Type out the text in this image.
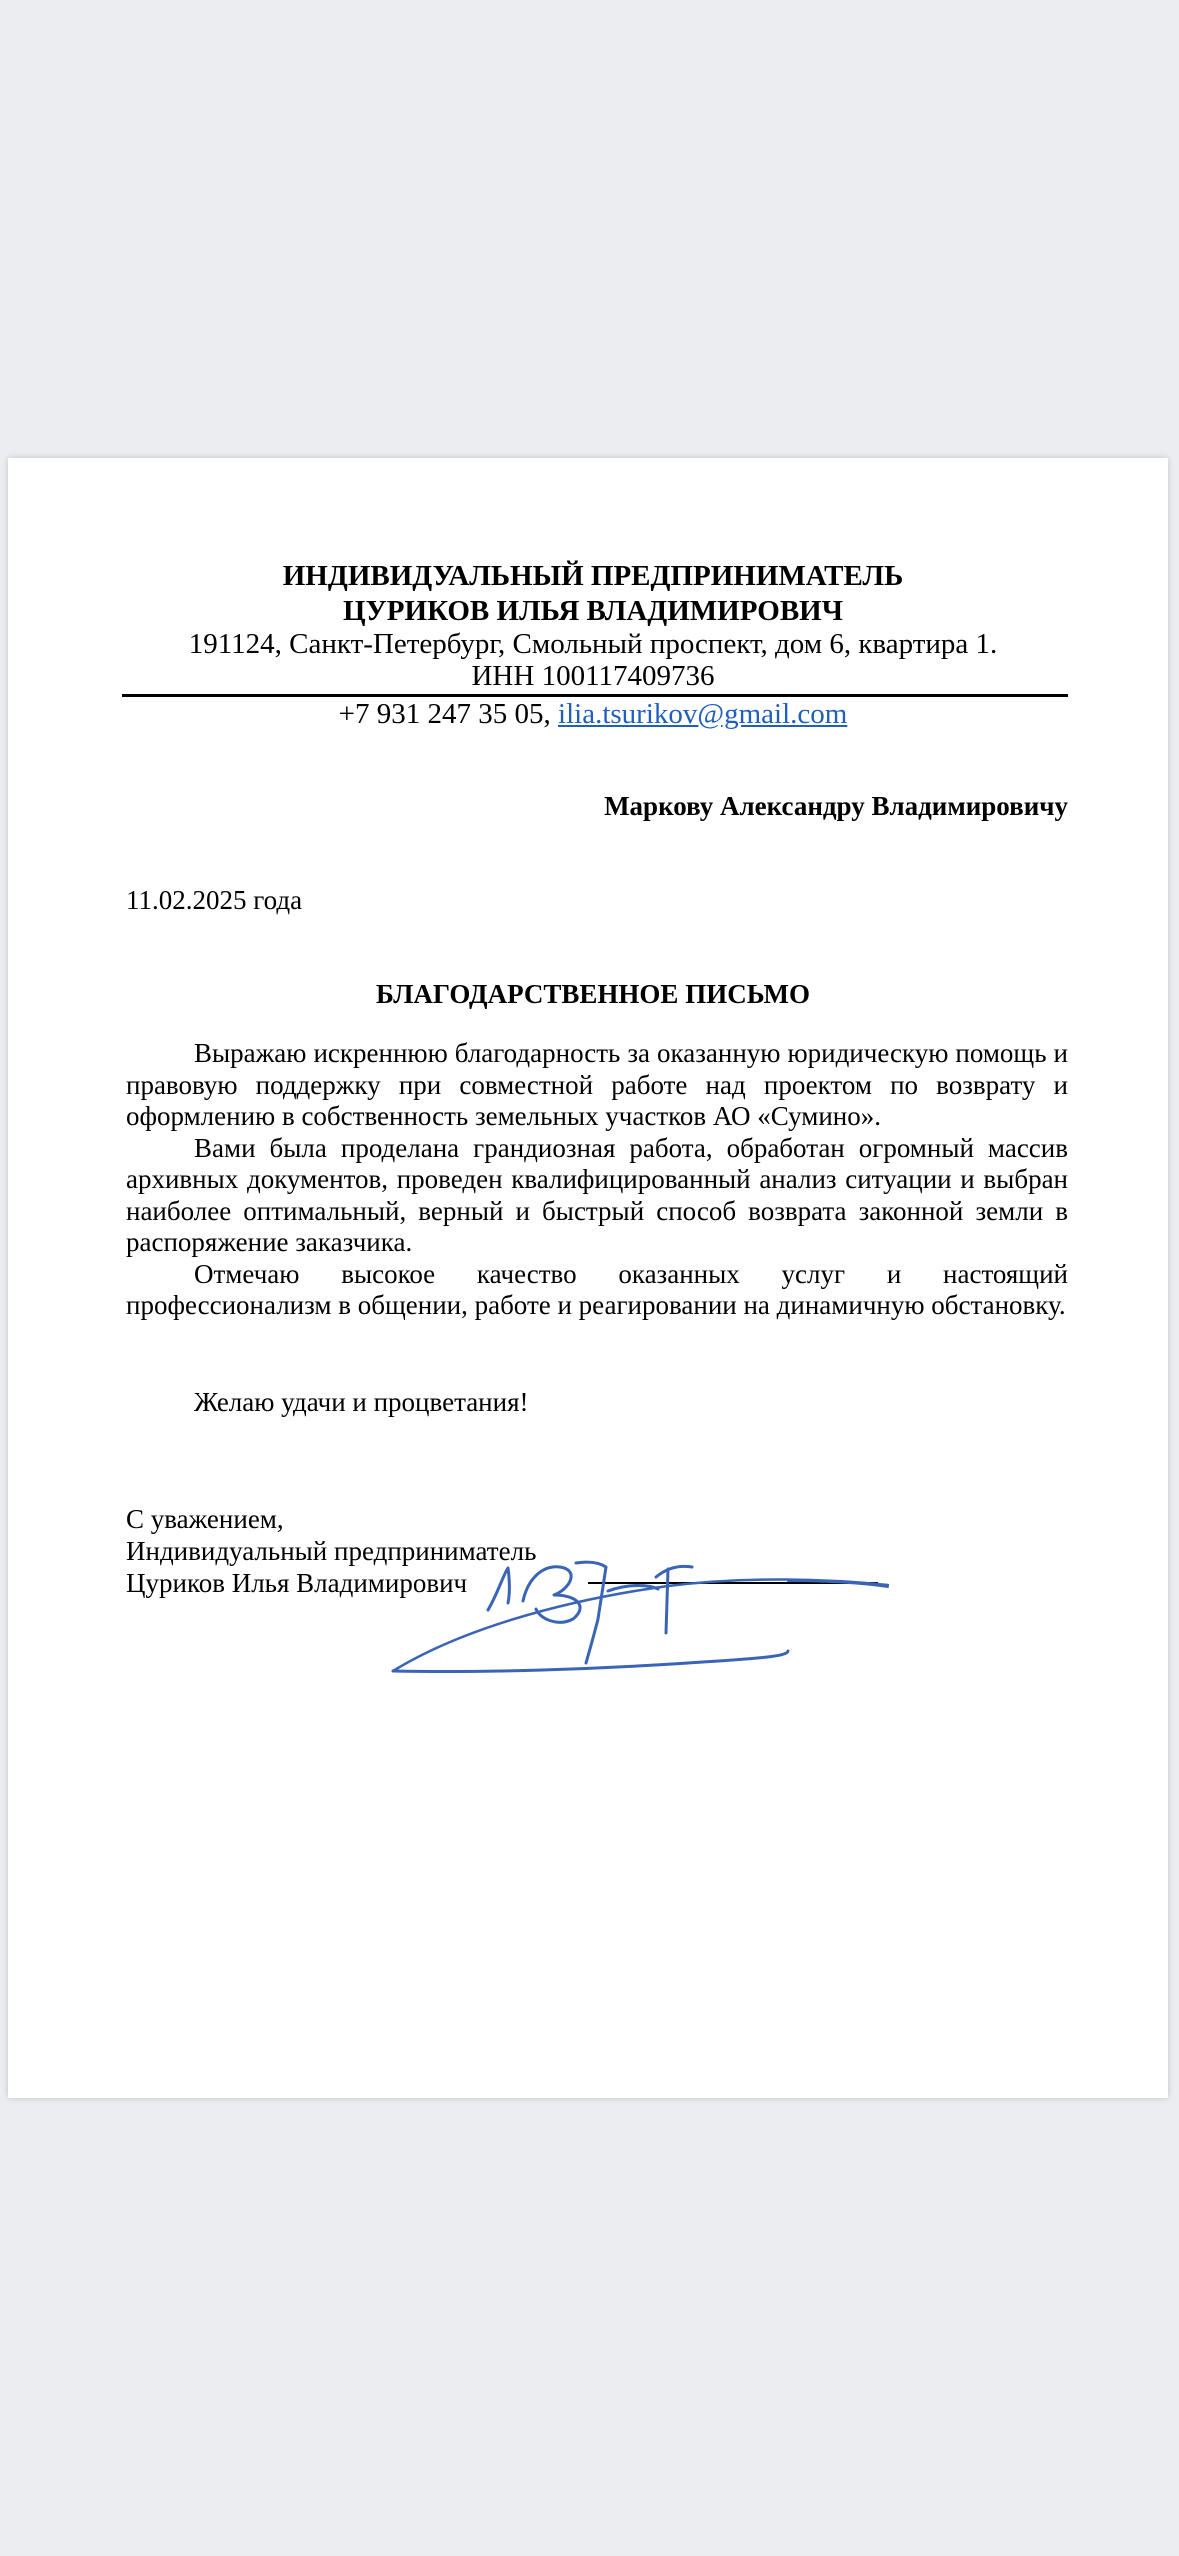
ИНДИВИДУАЛЬНЫЙ ПРЕДПРИНИМАТЕЛЬ
ЦУРИКОВ ИЛЬЯ ВЛАДИМИРОВИЧ
191124, Санкт-Петербург, Смольный проспект, дом 6, квартира 1.
ИНН 100117409736
+7 931 247 35 05, ilia.tsurikov@gmail.com
Маркову Александру Владимировичу
11.02.2025 года
БЛАГОДАРСТВЕННОЕ ПИСЬМО

Выражаю искреннюю благодарность за оказанную юридическую помощь и правовую поддержку при совместной работе над проектом по возврату и оформлению в собственность земельных участков АО «Сумино».

Вами была проделана грандиозная работа, обработан огромный массив архивных документов, проведен квалифицированный анализ ситуации и выбран наиболее оптимальный, верный и быстрый способ возврата законной земли в распоряжение заказчика.

Отмечаю высокое качество оказанных услуг и настоящий профессионализм в общении, работе и реагировании на динамичную обстановку.

Желаю удачи и процветания!
С уважением,
Индивидуальный предприниматель
Цуриков Илья Владимирович
